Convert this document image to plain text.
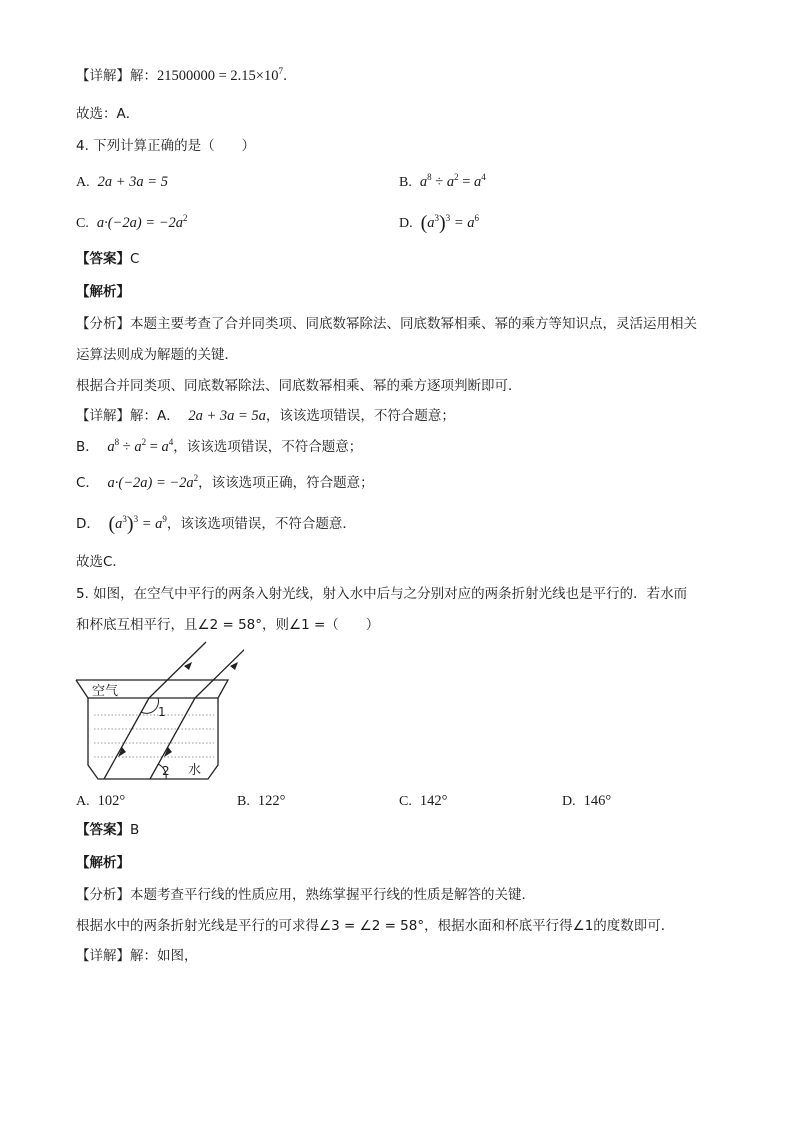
【详解】解：$21500000 = 2.15\times 10^7$．
故选：A．
4. 下列计算正确的是（　　）
A. 2a + 3a = 5	B. $a^8 \div a^2 = a^4$
C. $a\cdot(-2a) = -2a^2$	D. $(a^3)^3 = a^6$
【答案】C
【解析】
【分析】本题主要考查了合并同类项、同底数幂除法、同底数幂相乘、幂的乘方等知识点，灵活运用相关
运算法则成为解题的关键．
根据合并同类项、同底数幂除法、同底数幂相乘、幂的乘方逐项判断即可．
【详解】解：A． 2a + 3a = 5a，该该选项错误，不符合题意；
B． $a^8 \div a^2 = a^4$，该该选项错误，不符合题意；
C． $a\cdot(-2a) = -2a^2$，该该选项正确，符合题意；
D． $(a^3)^3 = a^9$，该该选项错误，不符合题意．
故选C．
5. 如图，在空气中平行的两条入射光线，射入水中后与之分别对应的两条折射光线也是平行的．若水而
和杯底互相平行，且∠2 = 58°，则∠1 =（　　）
空气
1
2 水
A. 102°	B. 122°	C. 142°	D. 146°
【答案】B
【解析】
【分析】本题考查平行线的性质应用，熟练掌握平行线的性质是解答的关键．
根据水中的两条折射光线是平行的可求得∠3 = ∠2 = 58°，根据水面和杯底平行得∠1的度数即可．
【详解】解：如图，
